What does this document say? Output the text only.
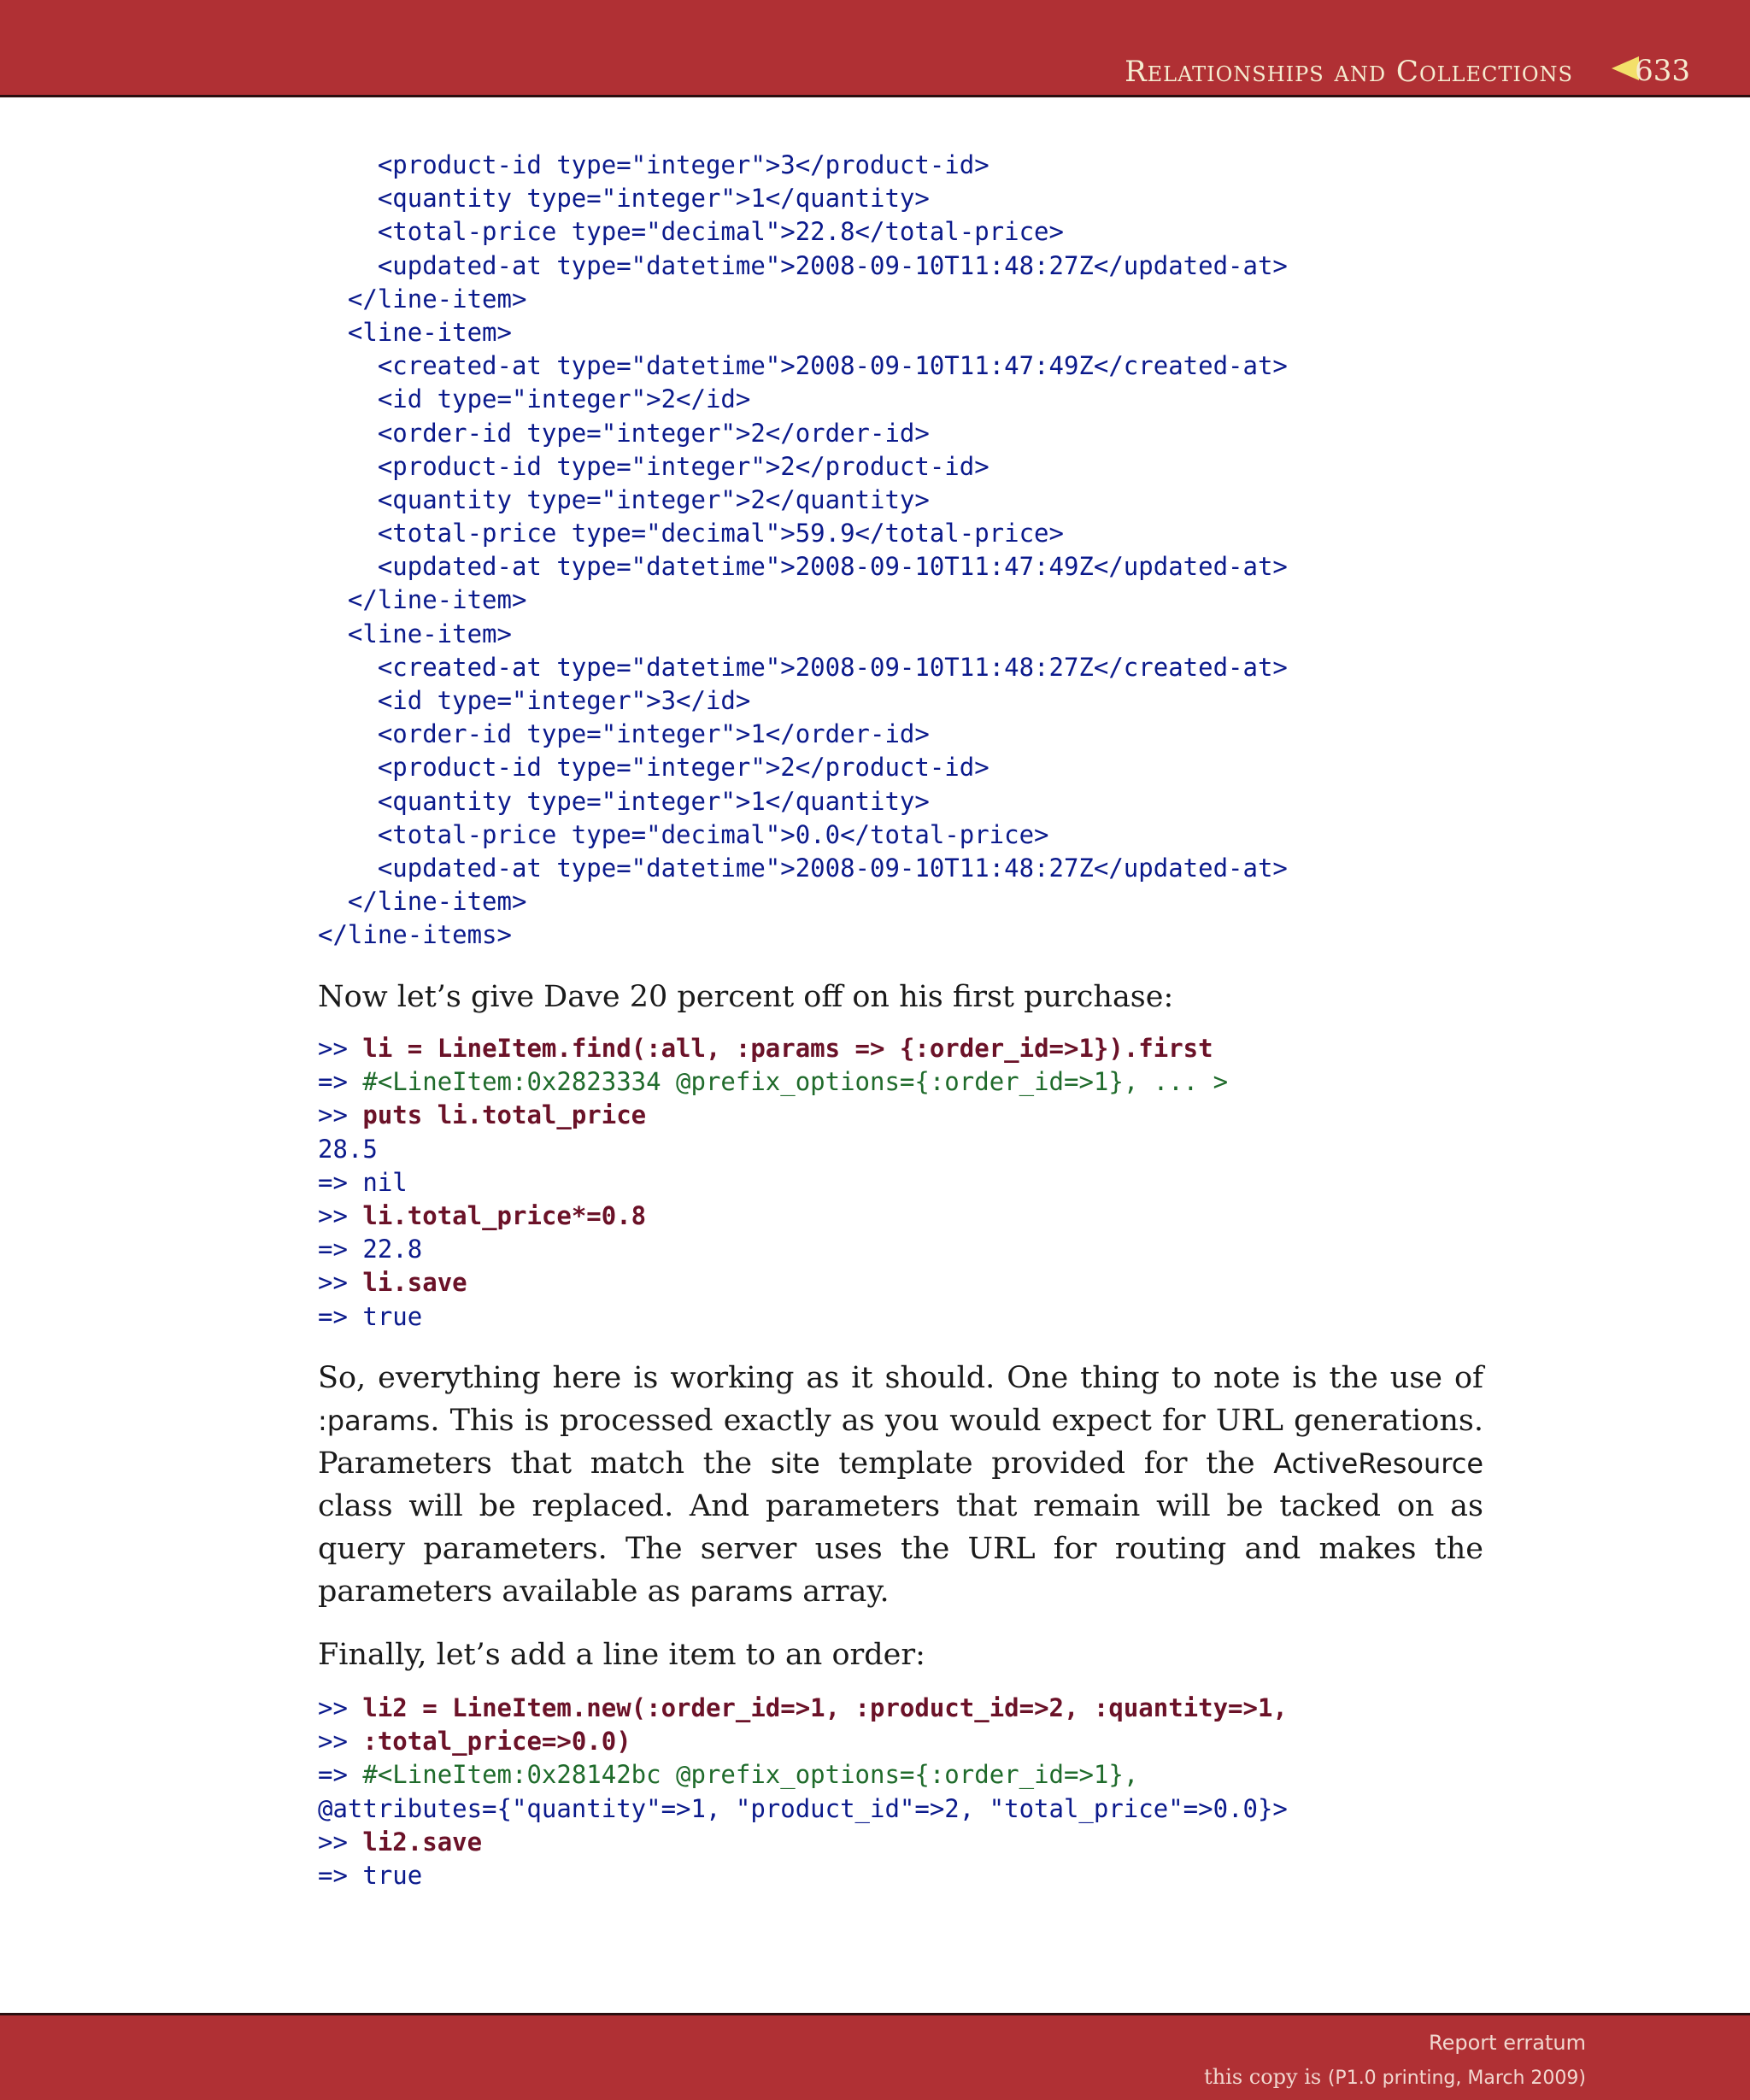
Relationships and Collections 633
<product-id type="integer">3</product-id>
<quantity type="integer">1</quantity>
<total-price type="decimal">22.8</total-price>
<updated-at type="datetime">2008-09-10T11:48:27Z</updated-at>
</line-item>
<line-item>
<created-at type="datetime">2008-09-10T11:47:49Z</created-at>
<id type="integer">2</id>
<order-id type="integer">2</order-id>
<product-id type="integer">2</product-id>
<quantity type="integer">2</quantity>
<total-price type="decimal">59.9</total-price>
<updated-at type="datetime">2008-09-10T11:47:49Z</updated-at>
</line-item>
<line-item>
<created-at type="datetime">2008-09-10T11:48:27Z</created-at>
<id type="integer">3</id>
<order-id type="integer">1</order-id>
<product-id type="integer">2</product-id>
<quantity type="integer">1</quantity>
<total-price type="decimal">0.0</total-price>
<updated-at type="datetime">2008-09-10T11:48:27Z</updated-at>
</line-item>
</line-items>

Now let’s give Dave 20 percent off on his first purchase:

>> li = LineItem.find(:all, :params => {:order_id=>1}).first
=> #<LineItem:0x2823334 @prefix_options={:order_id=>1}, ... >
>> puts li.total_price
28.5
=> nil
>> li.total_price*=0.8
=> 22.8
>> li.save
=> true

So, everything here is working as it should. One thing to note is the use of :params. This is processed exactly as you would expect for URL generations. Parameters that match the site template provided for the ActiveResource class will be replaced. And parameters that remain will be tacked on as query parameters. The server uses the URL for routing and makes the parameters available as params array.

Finally, let’s add a line item to an order:

>> li2 = LineItem.new(:order_id=>1, :product_id=>2, :quantity=>1,
>> :total_price=>0.0)
=> #<LineItem:0x28142bc @prefix_options={:order_id=>1},
@attributes={"quantity"=>1, "product_id"=>2, "total_price"=>0.0}>
>> li2.save
=> true
Report erratum
this copy is (P1.0 printing, March 2009)
